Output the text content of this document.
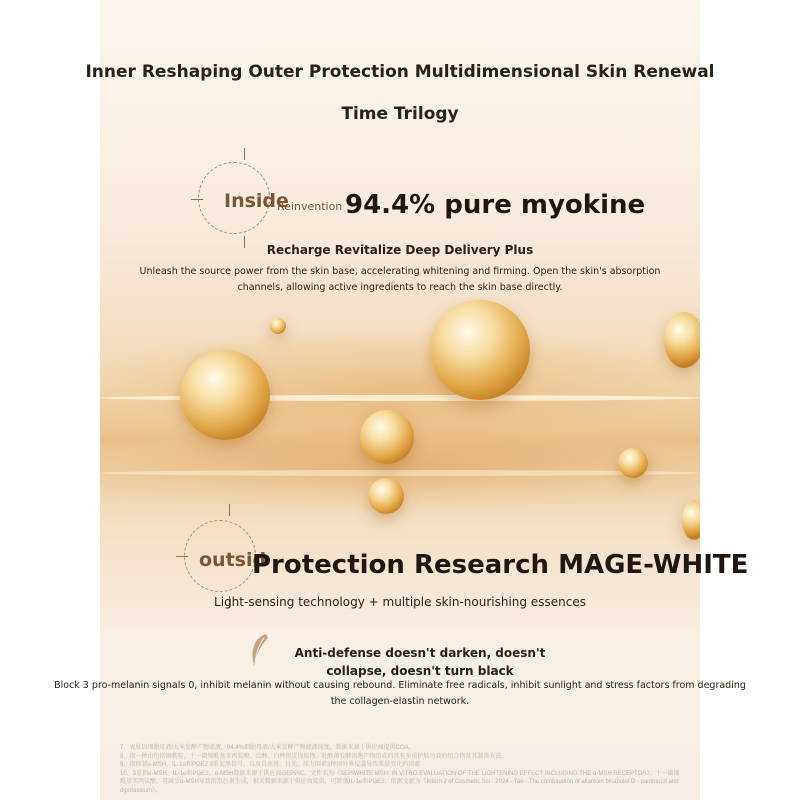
Inner Reshaping Outer Protection Multidimensional Skin Renewal
Time Trilogy
Inside
Reinvention 94.4% pure myokine
Recharge Revitalize Deep Delivery Plus
Unleash the source power from the skin base, accelerating whitening and firming. Open the skin's absorption channels, allowing active ingredients to reach the skin base directly.
outsid
Protection Research MAGE-WHITE
Light-sensing technology + multiple skin-nourishing essences
Anti-defense doesn't darken, doesn't collapse, doesn't turn black
Block 3 pro-melanin signals 0, inhibit melanin without causing rebound. Eliminate free radicals, inhibit sunlight and stress factors from degrading the collagen-elastin network.
7、表肽因细胞母液/大米发酵产物滤液，94.4%细胞母液/大米发酵产物滤液纯度，数据来源于供应商提供COA。
8、指一种由包括烟酰胺、十一碳烯酰基苯丙氨酸、泛醇、白桦树皮提取物、乳酸菌发酵溶胞产物组成的具有多重护肤功效的组合物及其制备方法。
9、指抑制α-MSH、IL-1α和PGE2 3重促黑信号，以及自由基、日光、压力因素3种因外界侵袭导致肌肤变化的因素
10、3重指α-MSH、IL-1α和PGE2，α-MSH数据来源于供应商GEPPIC。文件名为《SEPIWHITE MSH: IN VITRO EVALUATION OF THE LIGHTENING EFFECT INCLUDING THE α-MSH RECEPTOR》；十一碳烯酰基苯丙氨酸，可减少α-MSH导致的黑色素生成，相关数据来源于供应商提供，可降低IL-1α和PGE2，依据文献为《Intern J of Cosmetic Sci - 2024 - Tan - The combination of allantoin bisabolol D - panthenol and dipotassium》。
